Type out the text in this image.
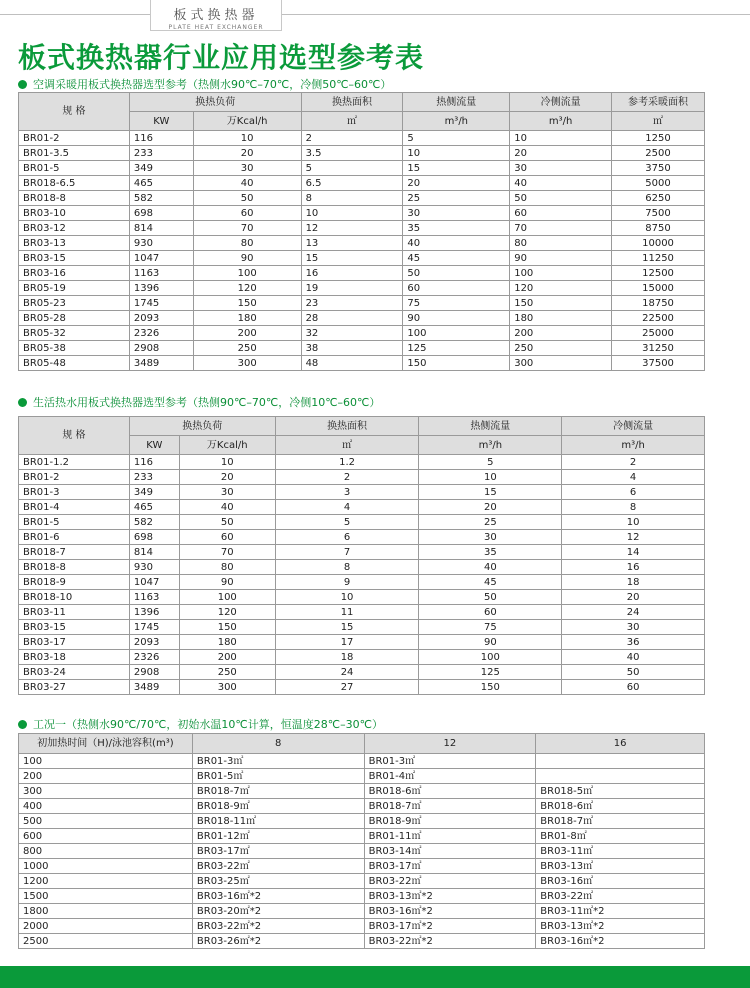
板式换热器
PLATE HEAT EXCHANGER
板式换热器行业应用选型参考表
空调采暖用板式换热器选型参考（热侧水90℃–70℃，冷侧50℃–60℃）
规 格	换热负荷		换热面积	热侧流量	冷侧流量	参考采暖面积
	KW	万Kcal/h	㎡	m³/h	m³/h	㎡
BR01-2	116	10	2	5	10	1250
BR01-3.5	233	20	3.5	10	20	2500
BR01-5	349	30	5	15	30	3750
BR018-6.5	465	40	6.5	20	40	5000
BR018-8	582	50	8	25	50	6250
BR03-10	698	60	10	30	60	7500
BR03-12	814	70	12	35	70	8750
BR03-13	930	80	13	40	80	10000
BR03-15	1047	90	15	45	90	11250
BR03-16	1163	100	16	50	100	12500
BR05-19	1396	120	19	60	120	15000
BR05-23	1745	150	23	75	150	18750
BR05-28	2093	180	28	90	180	22500
BR05-32	2326	200	32	100	200	25000
BR05-38	2908	250	38	125	250	31250
BR05-48	3489	300	48	150	300	37500
生活热水用板式换热器选型参考（热侧90℃–70℃，冷侧10℃–60℃）
规 格	换热负荷		换热面积	热侧流量	冷侧流量
	KW	万Kcal/h	㎡	m³/h	m³/h
BR01-1.2	116	10	1.2	5	2
BR01-2	233	20	2	10	4
BR01-3	349	30	3	15	6
BR01-4	465	40	4	20	8
BR01-5	582	50	5	25	10
BR01-6	698	60	6	30	12
BR018-7	814	70	7	35	14
BR018-8	930	80	8	40	16
BR018-9	1047	90	9	45	18
BR018-10	1163	100	10	50	20
BR03-11	1396	120	11	60	24
BR03-15	1745	150	15	75	30
BR03-17	2093	180	17	90	36
BR03-18	2326	200	18	100	40
BR03-24	2908	250	24	125	50
BR03-27	3489	300	27	150	60
工况一（热侧水90℃/70℃，初始水温10℃计算，恒温度28℃–30℃）
初加热时间（H)/泳池容积(m³)	8	12	16
100	BR01-3㎡	BR01-3㎡	
200	BR01-5㎡	BR01-4㎡	
300	BR018-7㎡	BR018-6㎡	BR018-5㎡
400	BR018-9㎡	BR018-7㎡	BR018-6㎡
500	BR018-11㎡	BR018-9㎡	BR018-7㎡
600	BR01-12㎡	BR01-11㎡	BR01-8㎡
800	BR03-17㎡	BR03-14㎡	BR03-11㎡
1000	BR03-22㎡	BR03-17㎡	BR03-13㎡
1200	BR03-25㎡	BR03-22㎡	BR03-16㎡
1500	BR03-16㎡*2	BR03-13㎡*2	BR03-22㎡
1800	BR03-20㎡*2	BR03-16㎡*2	BR03-11㎡*2
2000	BR03-22㎡*2	BR03-17㎡*2	BR03-13㎡*2
2500	BR03-26㎡*2	BR03-22㎡*2	BR03-16㎡*2
